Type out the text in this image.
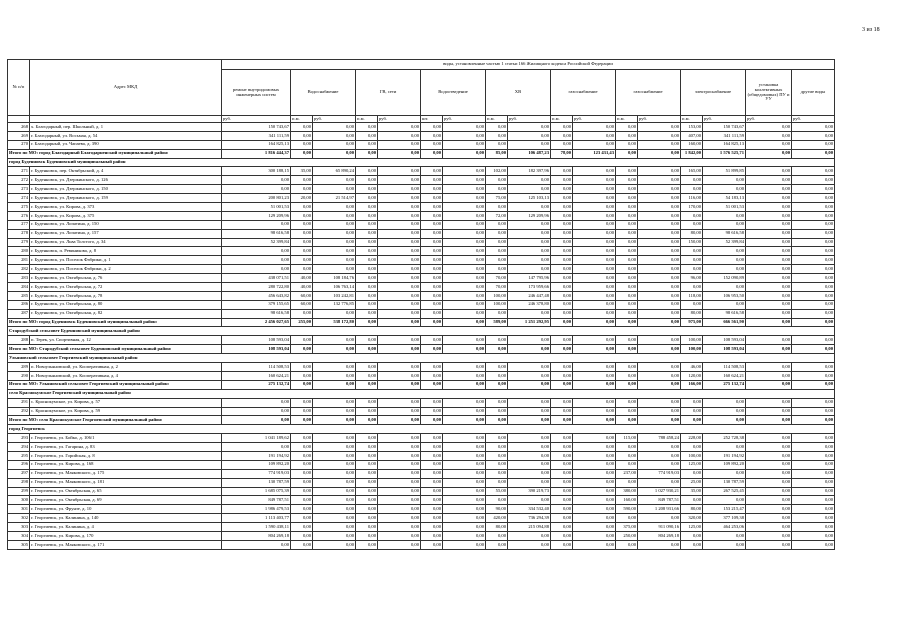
3 из 18
№ п/п	Адрес МКД	виды, установленные частью 1 статьи 166 Жилищного кодекса Российской Федерации																
		ремонт внутридомовых инженерных систем	Водоснабжение		ГВ, сети		Водоотведение		ХВ		газоснабжение		газоснабжение		электроснабжение		установка коллективных (общедомовых) ПУ и УУ	другие виды
		руб.	п.м.	руб.	п.м.	руб.	шт.	руб.	п.м.	руб.	п.м.	руб.	п.м.	руб.	п.м.	руб.	руб.	руб.
268	х. Благодарный, пер. Школьный, д. 1	150 743,67	0,00	0,00	0,00	0,00	0,00	0,00	0,00	0,00	0,00	0,00	0,00	0,00	153,00	150 743,67	0,00	0,00
269	г. Благодарный, ул. Восьмая, д. 54	341 111,59	0,00	0,00	0,00	0,00	0,00	0,00	0,00	0,00	0,00	0,00	0,00	0,00	407,00	341 111,59	0,00	0,00
270	г. Благодарный, ул. Чапаева, д. 390	164 825,13	0,00	0,00	0,00	0,00	0,00	0,00	0,00	0,00	0,00	0,00	0,00	0,00	160,00	164 825,13	0,00	0,00
Итого по МО: город Благодарный Благодарненский муниципальный район:		1 816 444,37	0,00	0,00	0,00	0,00	0,00	0,00	85,00	106 487,23	78,00	123 431,43	0,00	0,00	1 842,00	1 576 525,71	0,00	0,00
город Буденновск Буденновский муниципальный район																		
271	г. Буденновск, пер. Октябрьский, д. 4	300 188,15	35,00	65 890,24	0,00	0,00	0,00	0,00	102,00	182 397,96	0,00	0,00	0,00	0,00	165,00	51 899,85	0,00	0,00
272	г. Буденновск, ул. Дзержинского, д. 126	0,00	0,00	0,00	0,00	0,00	0,00	0,00	0,00	0,00	0,00	0,00	0,00	0,00	0,00	0,00	0,00	0,00
273	г. Буденновск, ул. Дзержинского, д. 150	0,00	0,00	0,00	0,00	0,00	0,00	0,00	0,00	0,00	0,00	0,00	0,00	0,00	0,00	0,00	0,00	0,00
274	г. Буденновск, ул. Дзержинского, д. 159	200 801,23	20,00	21 514,97	0,00	0,00	0,00	0,00	75,00	125 103,13	0,00	0,00	0,00	0,00	116,00	54 183,13	0,00	0,00
275	г. Буденновск, ул. Кирова, д. 373	51 001,53	0,00	0,00	0,00	0,00	0,00	0,00	0,00	0,00	0,00	0,00	0,00	0,00	170,00	51 001,53	0,00	0,00
276	г. Буденновск, ул. Кирова, д. 375	129 209,96	0,00	0,00	0,00	0,00	0,00	0,00	72,00	129 209,96	0,00	0,00	0,00	0,00	0,00	0,00	0,00	0,00
277	г. Буденновск, ул. Лопатина, д. 150	0,00	0,00	0,00	0,00	0,00	0,00	0,00	0,00	0,00	0,00	0,00	0,00	0,00	0,00	0,00	0,00	0,00
278	г. Буденновск, ул. Лопатина, д. 157	98 616,58	0,00	0,00	0,00	0,00	0,00	0,00	0,00	0,00	0,00	0,00	0,00	0,00	80,00	98 616,58	0,00	0,00
279	г. Буденновск, ул. Льва Толстого, д. 34	52 399,84	0,00	0,00	0,00	0,00	0,00	0,00	0,00	0,00	0,00	0,00	0,00	0,00	150,00	52 399,84	0,00	0,00
280	г. Буденновск, п. Ревиникова, д. 8	0,00	0,00	0,00	0,00	0,00	0,00	0,00	0,00	0,00	0,00	0,00	0,00	0,00	0,00	0,00	0,00	0,00
281	г. Буденновск, ул. Поселок Фабрики, д. 1	0,00	0,00	0,00	0,00	0,00	0,00	0,00	0,00	0,00	0,00	0,00	0,00	0,00	0,00	0,00	0,00	0,00
282	г. Буденновск, ул. Поселок Фабрики, д. 2	0,00	0,00	0,00	0,00	0,00	0,00	0,00	0,00	0,00	0,00	0,00	0,00	0,00	0,00	0,00	0,00	0,00
283	г. Буденновск, ул. Октябрьская, д. 76	438 071,51	40,00	108 184,76	0,00	0,00	0,00	0,00	70,00	147 795,96	0,00	0,00	0,00	0,00	96,00	152 090,89	0,00	0,00
284	г. Буденновск, ул. Октябрьская, д. 72	280 722,80	40,00	106 763,14	0,00	0,00	0,00	0,00	70,00	173 959,66	0,00	0,00	0,00	0,00	0,00	0,00	0,00	0,00
285	г. Буденновск, ул. Октябрьская, д. 78	456 643,82	60,00	103 242,81	0,00	0,00	0,00	0,00	100,00	246 447,48	0,00	0,00	0,00	0,00	118,00	106 953,50	0,00	0,00
286	г. Буденновск, ул. Октябрьская, д. 80	379 155,65	60,00	132 776,85	0,00	0,00	0,00	0,00	100,00	246 378,80	0,00	0,00	0,00	0,00	0,00	0,00	0,00	0,00
287	г. Буденновск, ул. Октябрьская, д. 82	98 616,58	0,00	0,00	0,00	0,00	0,00	0,00	0,00	0,00	0,00	0,00	0,00	0,00	80,00	98 616,58	0,00	0,00
Итого по МО: город Буденновск Буденновский муниципальный район:		2 456 027,65	255,00	538 172,80	0,00	0,00	0,00	0,00	589,00	1 251 292,95	0,00	0,00	0,00	0,00	975,00	666 561,90	0,00	0,00
Стародубский сельсовет Буденновский муниципальный район																		
288	п. Терек, ул. Спортивная, д. 12	108 593,04	0,00	0,00	0,00	0,00	0,00	0,00	0,00	0,00	0,00	0,00	0,00	0,00	100,00	108 593,04	0,00	0,00
Итого по МО: Стародубский сельсовет Буденновский муниципальный район:		108 593,04	0,00	0,00	0,00	0,00	0,00	0,00	0,00	0,00	0,00	0,00	0,00	0,00	100,00	108 593,04	0,00	0,00
Ульяновский сельсовет Георгиевский муниципальный район																		
289	п. Новоульяновский, ул. Кооперативная, д. 2	114 508,53	0,00	0,00	0,00	0,00	0,00	0,00	0,00	0,00	0,00	0,00	0,00	0,00	46,00	114 508,53	0,00	0,00
290	п. Новоульяновский, ул. Кооперативная, д. 4	160 624,21	0,00	0,00	0,00	0,00	0,00	0,00	0,00	0,00	0,00	0,00	0,00	0,00	120,00	160 624,21	0,00	0,00
Итого по МО: Ульяновский сельсовет Георгиевский муниципальный район:		275 132,74	0,00	0,00	0,00	0,00	0,00	0,00	0,00	0,00	0,00	0,00	0,00	0,00	166,00	275 132,74	0,00	0,00
село Краснокумское Георгиевский муниципальный район																		
291	с. Краснокумское, ул. Кирова, д. 57	0,00	0,00	0,00	0,00	0,00	0,00	0,00	0,00	0,00	0,00	0,00	0,00	0,00	0,00	0,00	0,00	0,00
292	с. Краснокумское, ул. Кирова, д. 59	0,00	0,00	0,00	0,00	0,00	0,00	0,00	0,00	0,00	0,00	0,00	0,00	0,00	0,00	0,00	0,00	0,00
Итого по МО: село Краснокумское Георгиевский муниципальный район:		0,00	0,00	0,00	0,00	0,00	0,00	0,00	0,00	0,00	0,00	0,00	0,00	0,00	0,00	0,00	0,00	0,00
город Георгиевск																		
293	г. Георгиевск, ул. Бойко, д. 106/1	1 041 189,62	0,00	0,00	0,00	0,00	0,00	0,00	0,00	0,00	0,00	0,00	115,00	788 458,24	228,00	252 728,38	0,00	0,00
294	г. Георгиевск, ул. Гагарина, д. 83	0,00	0,00	0,00	0,00	0,00	0,00	0,00	0,00	0,00	0,00	0,00	0,00	0,00	0,00	0,00	0,00	0,00
295	г. Георгиевск, ул. Горийская, д. 8	191 194,92	0,00	0,00	0,00	0,00	0,00	0,00	0,00	0,00	0,00	0,00	0,00	0,00	100,00	191 194,92	0,00	0,00
296	г. Георгиевск, ул. Кирова, д. 168	109 892,20	0,00	0,00	0,00	0,00	0,00	0,00	0,00	0,00	0,00	0,00	0,00	0,00	125,00	109 892,20	0,00	0,00
297	г. Георгиевск, ул. Маяковского, д. 175	774 919,03	0,00	0,00	0,00	0,00	0,00	0,00	0,00	0,00	0,00	0,00	237,00	774 919,03	0,00	0,00	0,00	0,00
298	г. Георгиевск, ул. Маяковского, д. 181	130 787,59	0,00	0,00	0,00	0,00	0,00	0,00	0,00	0,00	0,00	0,00	0,00	0,00	25,00	130 787,59	0,00	0,00
299	г. Георгиевск, ул. Октябрьская, д. 65	1 685 075,39	0,00	0,00	0,00	0,00	0,00	0,00	55,00	390 219,73	0,00	0,00	380,00	1 027 930,21	35,00	267 525,45	0,00	0,00
300	г. Георгиевск, ул. Октябрьская, д. 69	849 787,51	0,00	0,00	0,00	0,00	0,00	0,00	0,00	0,00	0,00	0,00	160,00	849 787,51	0,00	0,00	0,00	0,00
301	г. Георгиевск, ул. Фрунзе, д. 10	1 986 479,53	0,00	0,00	0,00	0,00	0,00	0,00	90,00	334 532,40	0,00	0,00	590,00	1 208 931,66	80,00	153 215,47	0,00	0,00
302	г. Георгиевск, ул. Калинина, д. 140	1 113 403,77	0,00	0,00	0,00	0,00	0,00	0,00	420,00	736 294,39	0,00	0,00	0,00	0,00	320,00	377 109,38	0,00	0,00
303	г. Георгиевск, ул. Калинина, д. 4	1 590 438,11	0,00	0,00	0,00	0,00	0,00	0,00	80,00	215 094,88	0,00	0,00	375,00	911 090,16	125,00	464 253,06	0,00	0,00
304	г. Георгиевск, ул. Кирова, д. 170	804 269,18	0,00	0,00	0,00	0,00	0,00	0,00	0,00	0,00	0,00	0,00	250,00	804 269,18	0,00	0,00	0,00	0,00
305	г. Георгиевск, ул. Маяковского, д. 171	0,00	0,00	0,00	0,00	0,00	0,00	0,00	0,00	0,00	0,00	0,00	0,00	0,00	0,00	0,00	0,00	0,00
